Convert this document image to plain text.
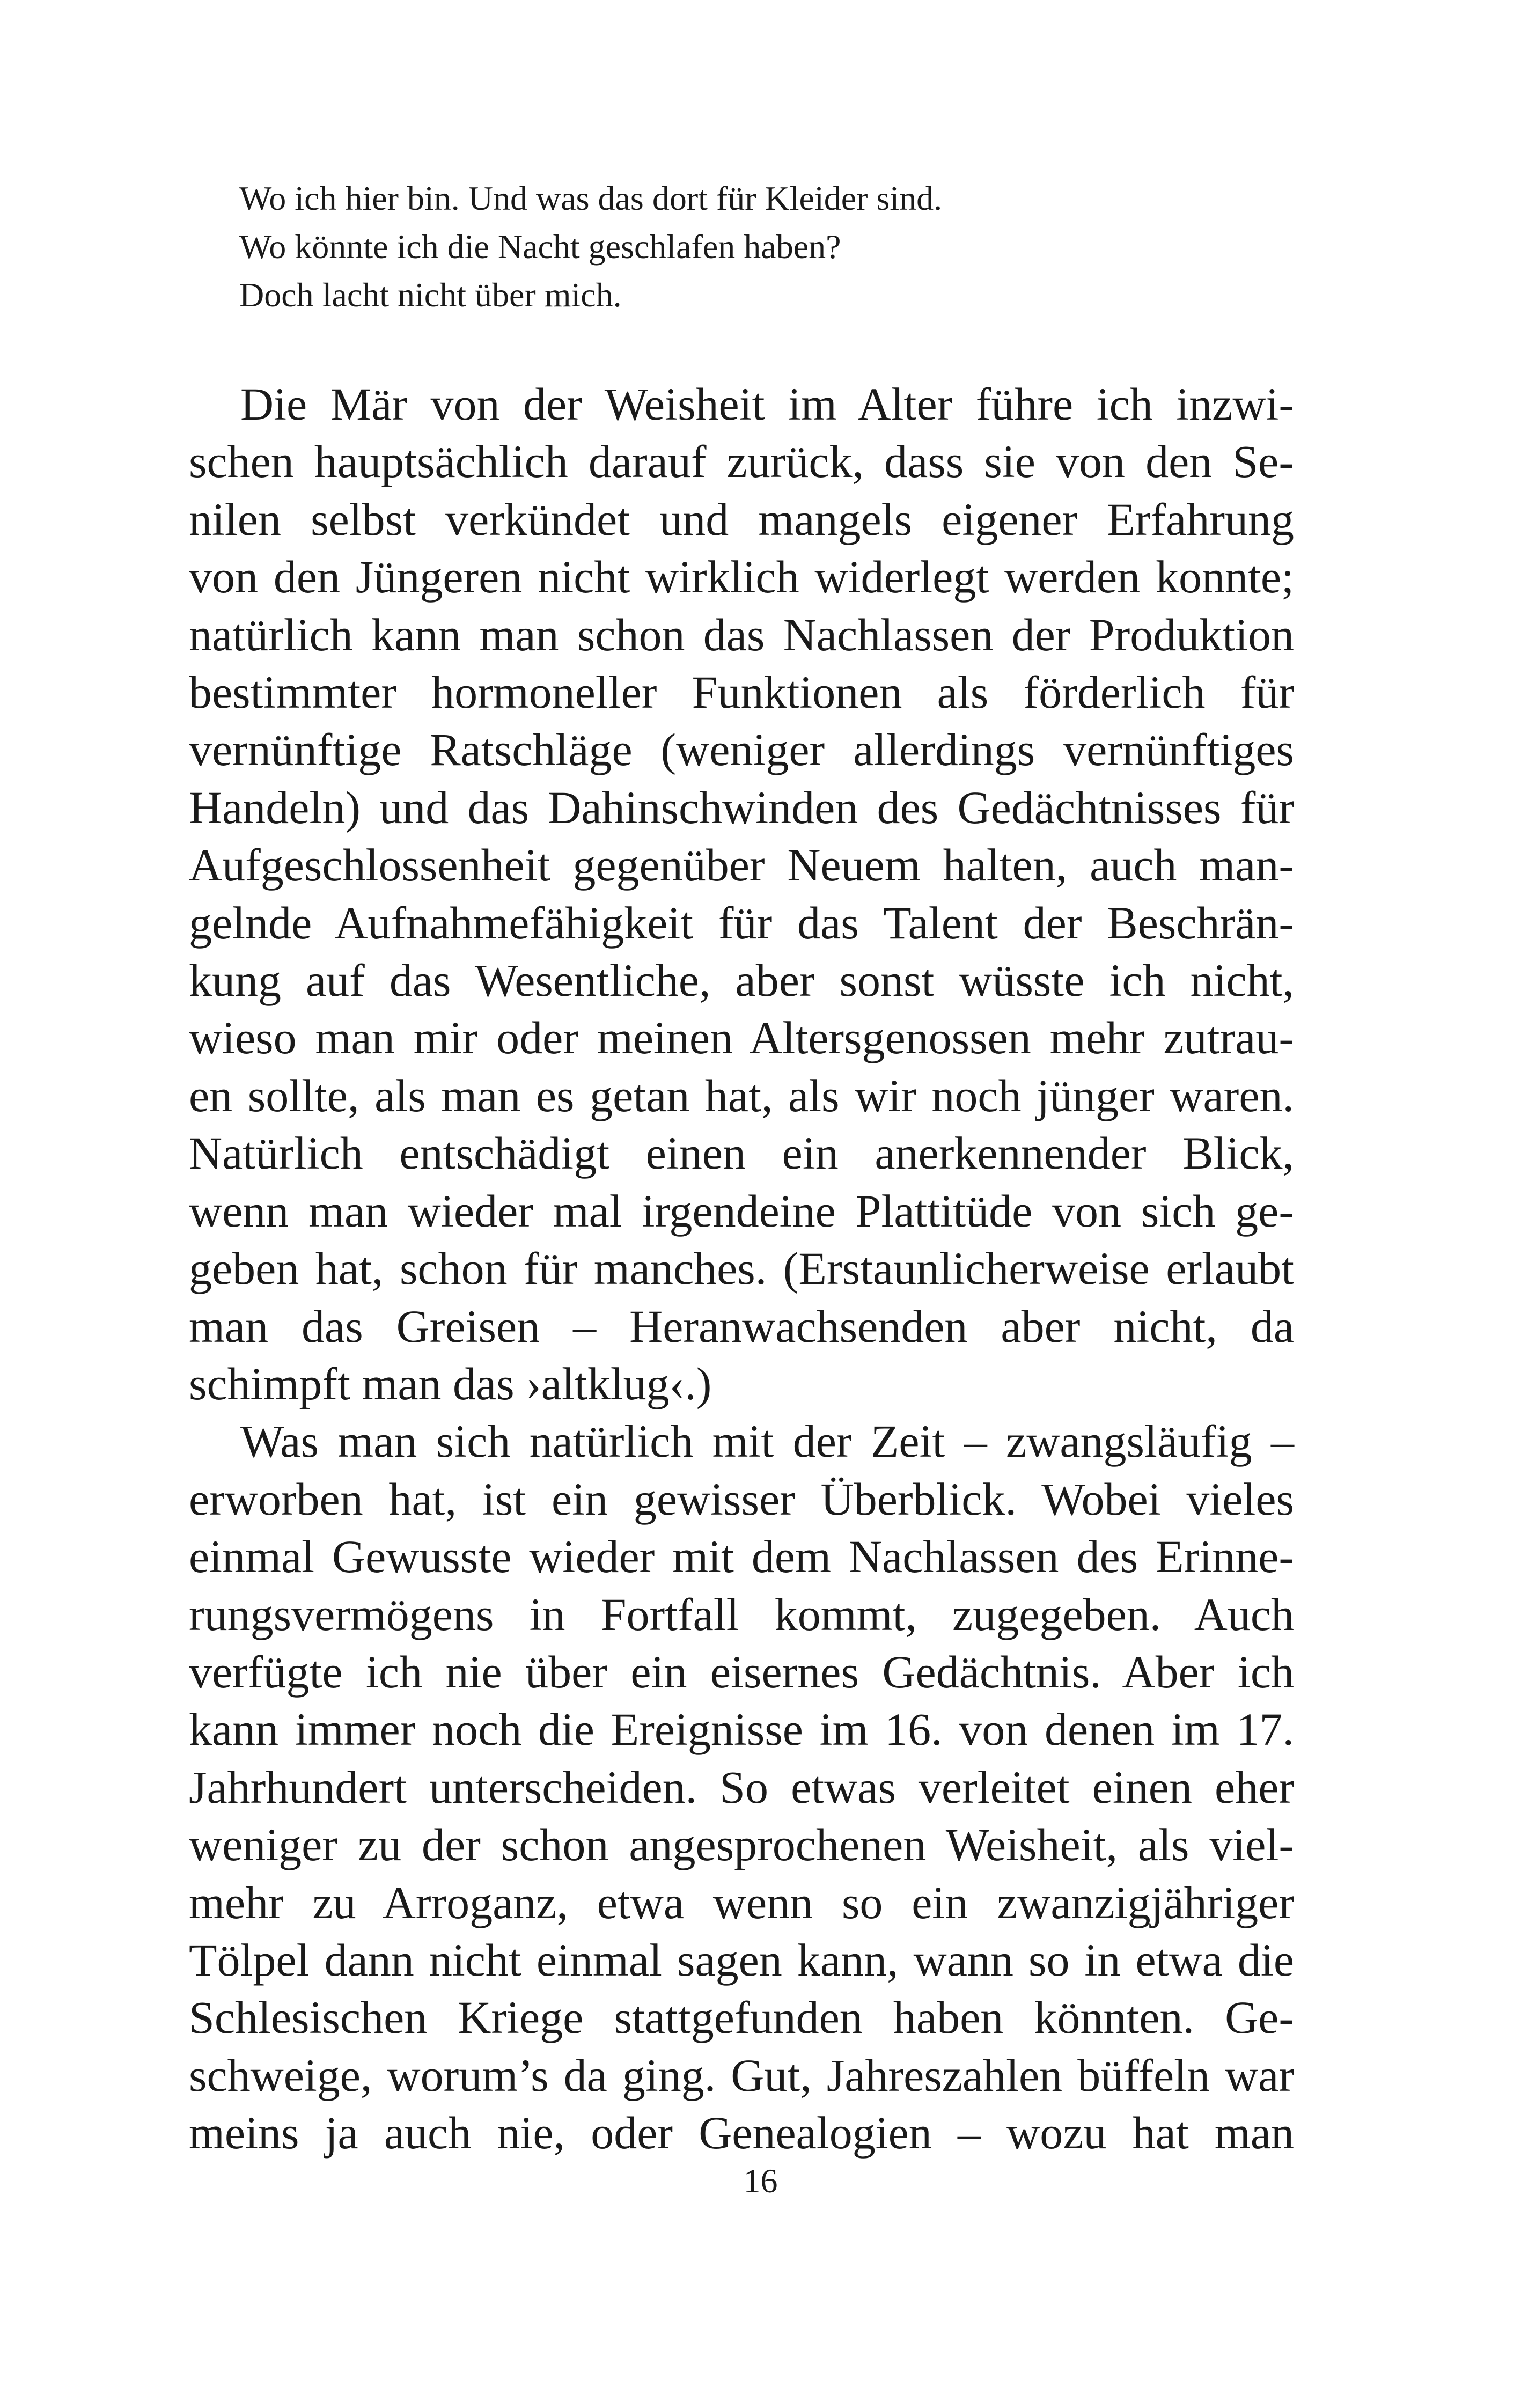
Wo ich hier bin. Und was das dort für Kleider sind.
Wo könnte ich die Nacht geschlafen haben?
Doch lacht nicht über mich.

Die Mär von der Weisheit im Alter führe ich inzwi-
schen hauptsächlich darauf zurück, dass sie von den Se-
nilen selbst verkündet und mangels eigener Erfahrung
von den Jüngeren nicht wirklich widerlegt werden konnte;
natürlich kann man schon das Nachlassen der Produktion
bestimmter hormoneller Funktionen als förderlich für
vernünftige Ratschläge (weniger allerdings vernünftiges
Handeln) und das Dahinschwinden des Gedächtnisses für
Aufgeschlossenheit gegenüber Neuem halten, auch man-
gelnde Aufnahmefähigkeit für das Talent der Beschrän-
kung auf das Wesentliche, aber sonst wüsste ich nicht,
wieso man mir oder meinen Altersgenossen mehr zutrau-
en sollte, als man es getan hat, als wir noch jünger waren.
Natürlich entschädigt einen ein anerkennender Blick,
wenn man wieder mal irgendeine Plattitüde von sich ge-
geben hat, schon für manches. (Erstaunlicherweise erlaubt
man das Greisen – Heranwachsenden aber nicht, da
schimpft man das ›altklug‹.)

Was man sich natürlich mit der Zeit – zwangsläufig –
erworben hat, ist ein gewisser Überblick. Wobei vieles
einmal Gewusste wieder mit dem Nachlassen des Erinne-
rungsvermögens in Fortfall kommt, zugegeben. Auch
verfügte ich nie über ein eisernes Gedächtnis. Aber ich
kann immer noch die Ereignisse im 16. von denen im 17.
Jahrhundert unterscheiden. So etwas verleitet einen eher
weniger zu der schon angesprochenen Weisheit, als viel-
mehr zu Arroganz, etwa wenn so ein zwanzigjähriger
Tölpel dann nicht einmal sagen kann, wann so in etwa die
Schlesischen Kriege stattgefunden haben könnten. Ge-
schweige, worum’s da ging. Gut, Jahreszahlen büffeln war
meins ja auch nie, oder Genealogien – wozu hat man

16
